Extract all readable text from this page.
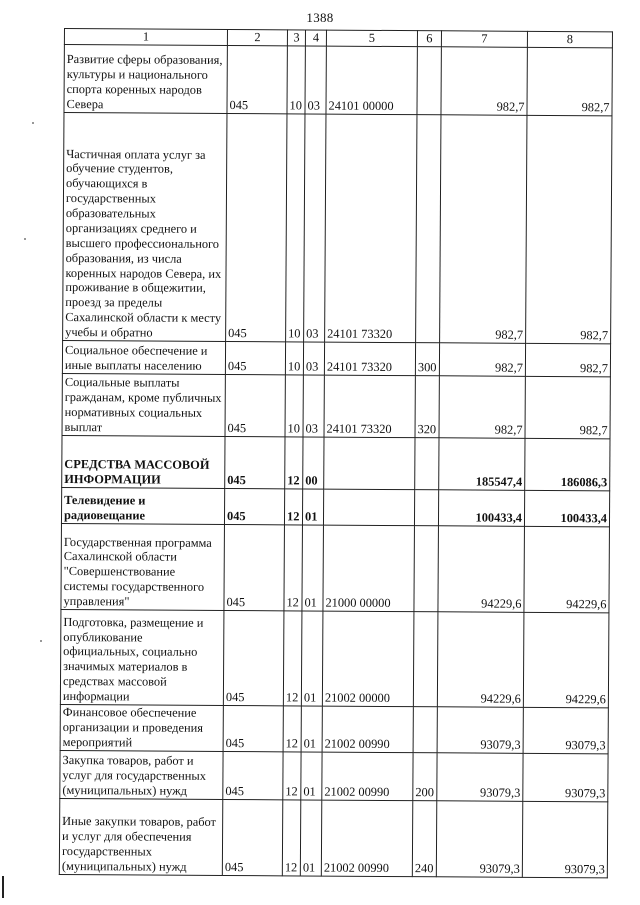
1388
1	2	3	4	5	6	7	8
Развитие сферы образования, культуры и национального спорта коренных народов Севера	045	10	03	24101 00000		982,7	982,7
Частичная оплата услуг за обучение студентов, обучающихся в государственных образовательных организациях среднего и высшего профессионального образования, из числа коренных народов Севера, их проживание в общежитии, проезд за пределы Сахалинской области к месту учебы и обратно	045	10	03	24101 73320		982,7	982,7
Социальное обеспечение и иные выплаты населению	045	10	03	24101 73320	300	982,7	982,7
Социальные выплаты гражданам, кроме публичных нормативных социальных выплат	045	10	03	24101 73320	320	982,7	982,7
СРЕДСТВА МАССОВОЙ ИНФОРМАЦИИ	045	12	00			185547,4	186086,3
Телевидение и радиовещание	045	12	01			100433,4	100433,4
Государственная программа Сахалинской области "Совершенствование системы государственного управления"	045	12	01	21000 00000		94229,6	94229,6
Подготовка, размещение и опубликование официальных, социально значимых материалов в средствах массовой информации	045	12	01	21002 00000		94229,6	94229,6
Финансовое обеспечение организации и проведения мероприятий	045	12	01	21002 00990		93079,3	93079,3
Закупка товаров, работ и услуг для государственных (муниципальных) нужд	045	12	01	21002 00990	200	93079,3	93079,3
Иные закупки товаров, работ и услуг для обеспечения государственных (муниципальных) нужд	045	12	01	21002 00990	240	93079,3	93079,3
